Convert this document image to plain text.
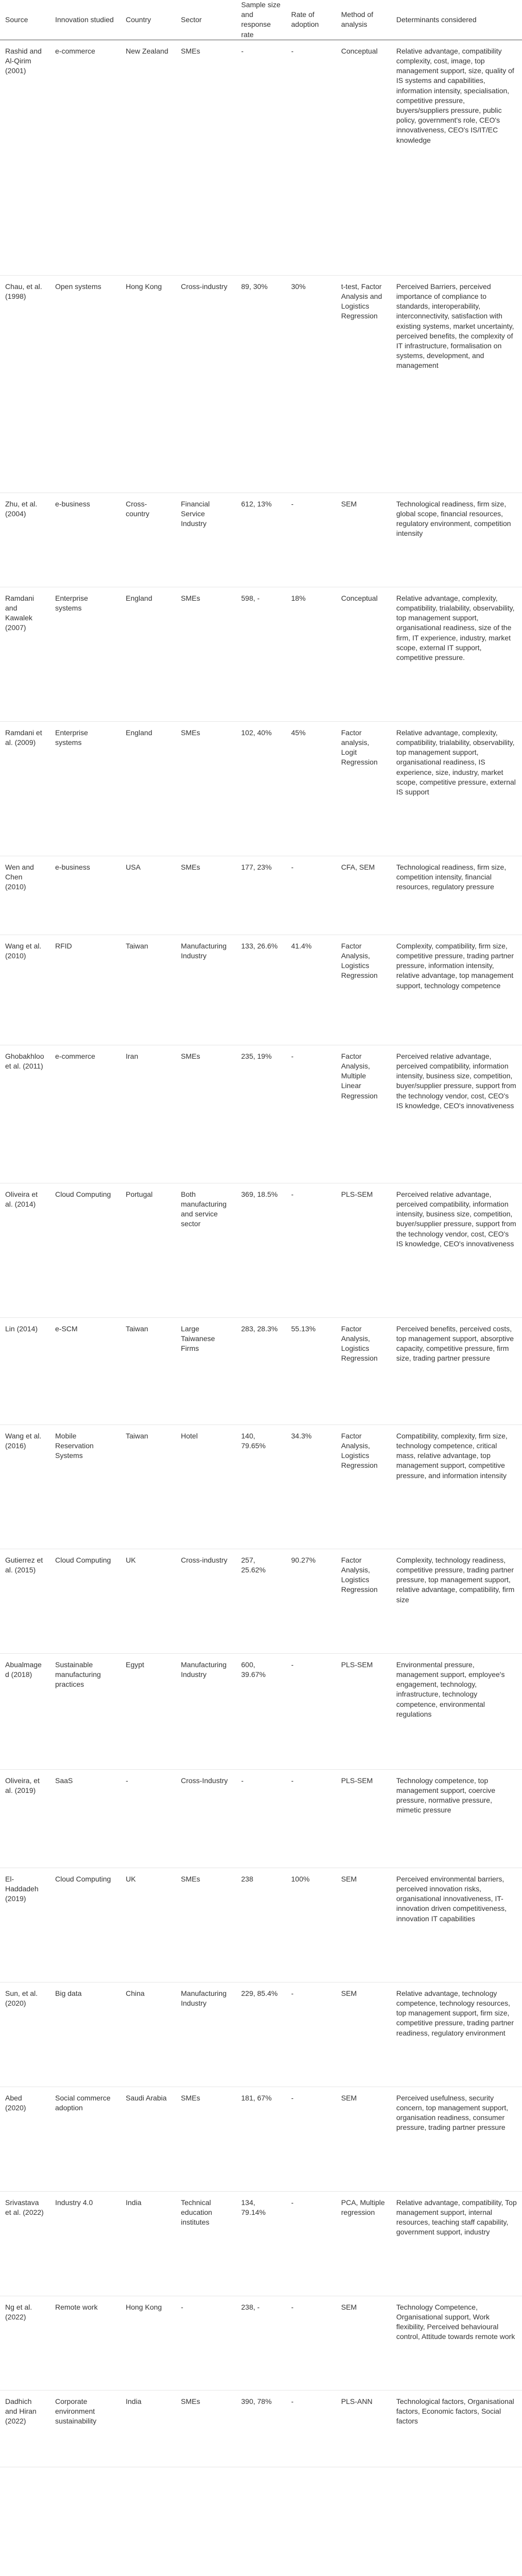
Source	Innovation studied	Country	Sector	Sample size and response rate	Rate of adoption	Method of analysis	Determinants considered
Rashid and Al-Qirim (2001)	e-commerce	New Zealand	SMEs	-	-	Conceptual	Relative advantage, compatibility complexity, cost, image, top management support, size, quality of IS systems and capabilities, information intensity, specialisation, competitive pressure, buyers/suppliers pressure, public policy, government's role, CEO's innovativeness, CEO's IS/IT/EC knowledge
Chau, et al. (1998)	Open systems	Hong Kong	Cross-industry	89, 30%	30%	t-test, Factor Analysis and Logistics Regression	Perceived Barriers, perceived importance of compliance to standards, interoperability, interconnectivity, satisfaction with existing systems, market uncertainty, perceived benefits, the complexity of IT infrastructure, formalisation on systems, development, and management
Zhu, et al. (2004)	e-business	Cross-country	Financial Service Industry	612, 13%	-	SEM	Technological readiness, firm size, global scope, financial resources, regulatory environment, competition intensity
Ramdani and Kawalek (2007)	Enterprise systems	England	SMEs	598, -	18%	Conceptual	Relative advantage, complexity, compatibility, trialability, observability, top management support, organisational readiness, size of the firm, IT experience, industry, market scope, external IT support, competitive pressure.
Ramdani et al. (2009)	Enterprise systems	England	SMEs	102, 40%	45%	Factor analysis, Logit Regression	Relative advantage, complexity, compatibility, trialability, observability, top management support, organisational readiness, IS experience, size, industry, market scope, competitive pressure, external IS support
Wen and Chen (2010)	e-business	USA	SMEs	177, 23%	-	CFA, SEM	Technological readiness, firm size, competition intensity, financial resources, regulatory pressure
Wang et al. (2010)	RFID	Taiwan	Manufacturing Industry	133, 26.6%	41.4%	Factor Analysis, Logistics Regression	Complexity, compatibility, firm size, competitive pressure, trading partner pressure, information intensity, relative advantage, top management support, technology competence
Ghobakhloo et al. (2011)	e-commerce	Iran	SMEs	235, 19%	-	Factor Analysis, Multiple Linear Regression	Perceived relative advantage, perceived compatibility, information intensity, business size, competition, buyer/supplier pressure, support from the technology vendor, cost, CEO's IS knowledge, CEO's innovativeness
Oliveira et al. (2014)	Cloud Computing	Portugal	Both manufacturing and service sector	369, 18.5%	-	PLS-SEM	Perceived relative advantage, perceived compatibility, information intensity, business size, competition, buyer/supplier pressure, support from the technology vendor, cost, CEO's IS knowledge, CEO's innovativeness
Lin (2014)	e-SCM	Taiwan	Large Taiwanese Firms	283, 28.3%	55.13%	Factor Analysis, Logistics Regression	Perceived benefits, perceived costs, top management support, absorptive capacity, competitive pressure, firm size, trading partner pressure
Wang et al. (2016)	Mobile Reservation Systems	Taiwan	Hotel	140, 79.65%	34.3%	Factor Analysis, Logistics Regression	Compatibility, complexity, firm size, technology competence, critical mass, relative advantage, top management support, competitive pressure, and information intensity
Gutierrez et al. (2015)	Cloud Computing	UK	Cross-industry	257, 25.62%	90.27%	Factor Analysis, Logistics Regression	Complexity, technology readiness, competitive pressure, trading partner pressure, top management support, relative advantage, compatibility, firm size
Abualmaged (2018)	Sustainable manufacturing practices	Egypt	Manufacturing Industry	600, 39.67%	-	PLS-SEM	Environmental pressure, management support, employee's engagement, technology, infrastructure, technology competence, environmental regulations
Oliveira, et al. (2019)	SaaS	-	Cross-Industry	-	-	PLS-SEM	Technology competence, top management support, coercive pressure, normative pressure, mimetic pressure
El-Haddadeh (2019)	Cloud Computing	UK	SMEs	238	100%	SEM	Perceived environmental barriers, perceived innovation risks, organisational innovativeness, IT-innovation driven competitiveness, innovation IT capabilities
Sun, et al. (2020)	Big data	China	Manufacturing Industry	229, 85.4%	-	SEM	Relative advantage, technology competence, technology resources, top management support, firm size, competitive pressure, trading partner readiness, regulatory environment
Abed (2020)	Social commerce adoption	Saudi Arabia	SMEs	181, 67%	-	SEM	Perceived usefulness, security concern, top management support, organisation readiness, consumer pressure, trading partner pressure
Srivastava et al. (2022)	Industry 4.0	India	Technical education institutes	134, 79.14%	-	PCA, Multiple regression	Relative advantage, compatibility, Top management support, internal resources, teaching staff capability, government support, industry
Ng et al. (2022)	Remote work	Hong Kong	-	238, -	-	SEM	Technology Competence, Organisational support, Work flexibility, Perceived behavioural control, Attitude towards remote work
Dadhich and Hiran (2022)	Corporate environment sustainability	India	SMEs	390, 78%	-	PLS-ANN	Technological factors, Organisational factors, Economic factors, Social factors
